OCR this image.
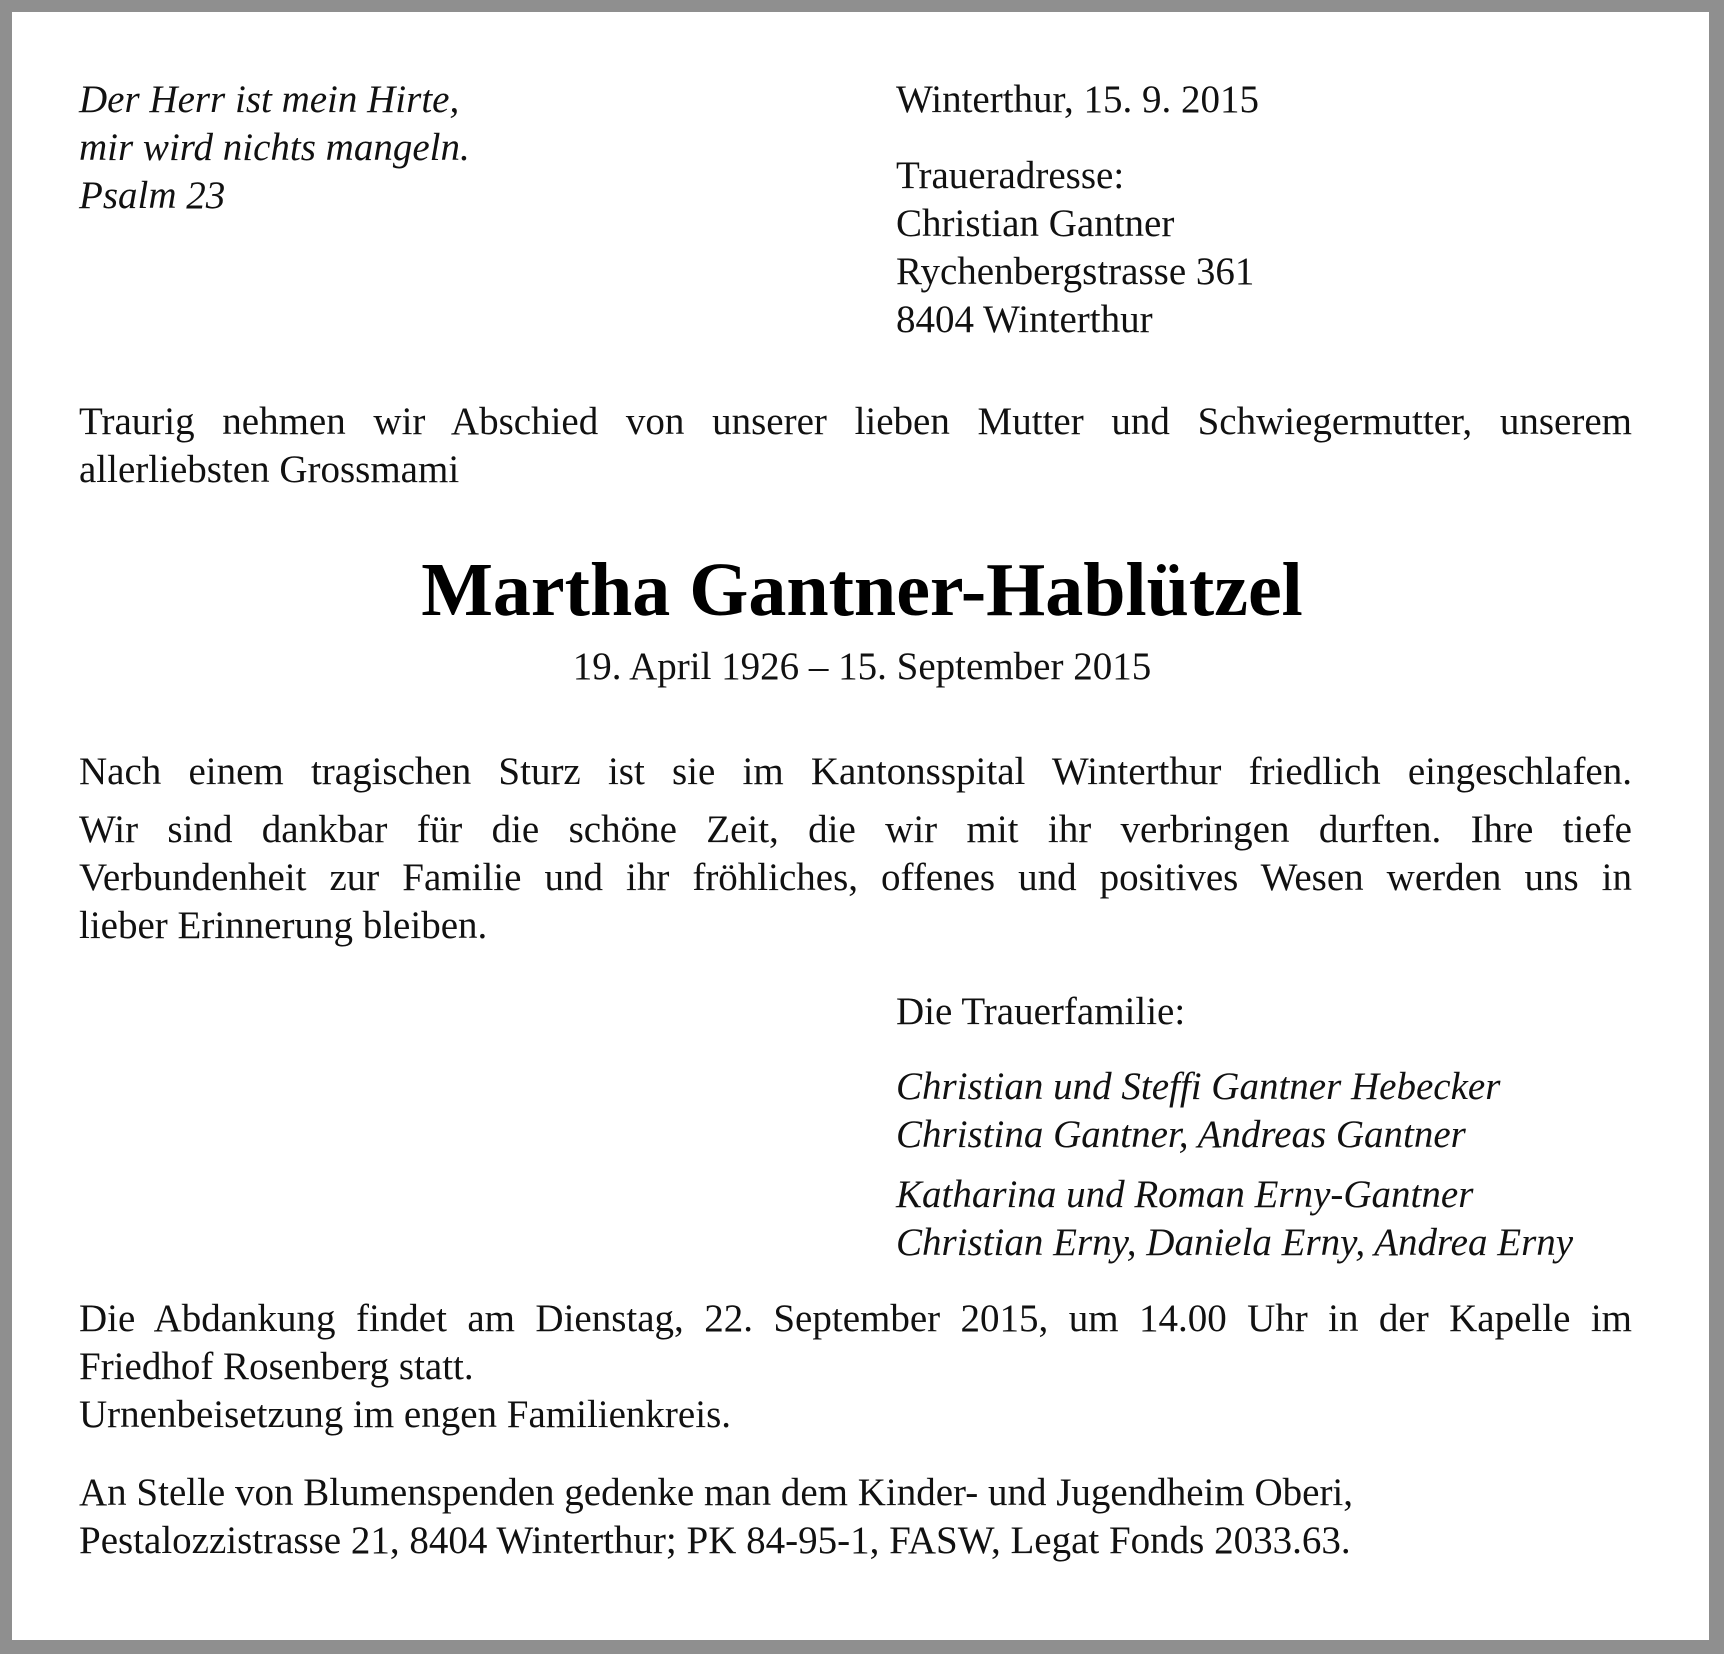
Der Herr ist mein Hirte,
mir wird nichts mangeln.
Psalm 23
Winterthur, 15. 9. 2015
Traueradresse:
Christian Gantner
Rychenbergstrasse 361
8404 Winterthur
Traurig nehmen wir Abschied von unserer lieben Mutter und Schwiegermutter, unserem
allerliebsten Grossmami
Martha Gantner-Hablützel
19. April 1926 – 15. September 2015
Nach einem tragischen Sturz ist sie im Kantonsspital Winterthur friedlich eingeschlafen.
Wir sind dankbar für die schöne Zeit, die wir mit ihr verbringen durften. Ihre tiefe
Verbundenheit zur Familie und ihr fröhliches, offenes und positives Wesen werden uns in
lieber Erinnerung bleiben.
Die Trauerfamilie:
Christian und Steffi Gantner Hebecker
Christina Gantner, Andreas Gantner
Katharina und Roman Erny-Gantner
Christian Erny, Daniela Erny, Andrea Erny
Die Abdankung findet am Dienstag, 22. September 2015, um 14.00 Uhr in der Kapelle im
Friedhof Rosenberg statt.
Urnenbeisetzung im engen Familienkreis.
An Stelle von Blumenspenden gedenke man dem Kinder- und Jugendheim Oberi,
Pestalozzistrasse 21, 8404 Winterthur; PK 84-95-1, FASW, Legat Fonds 2033.63.
